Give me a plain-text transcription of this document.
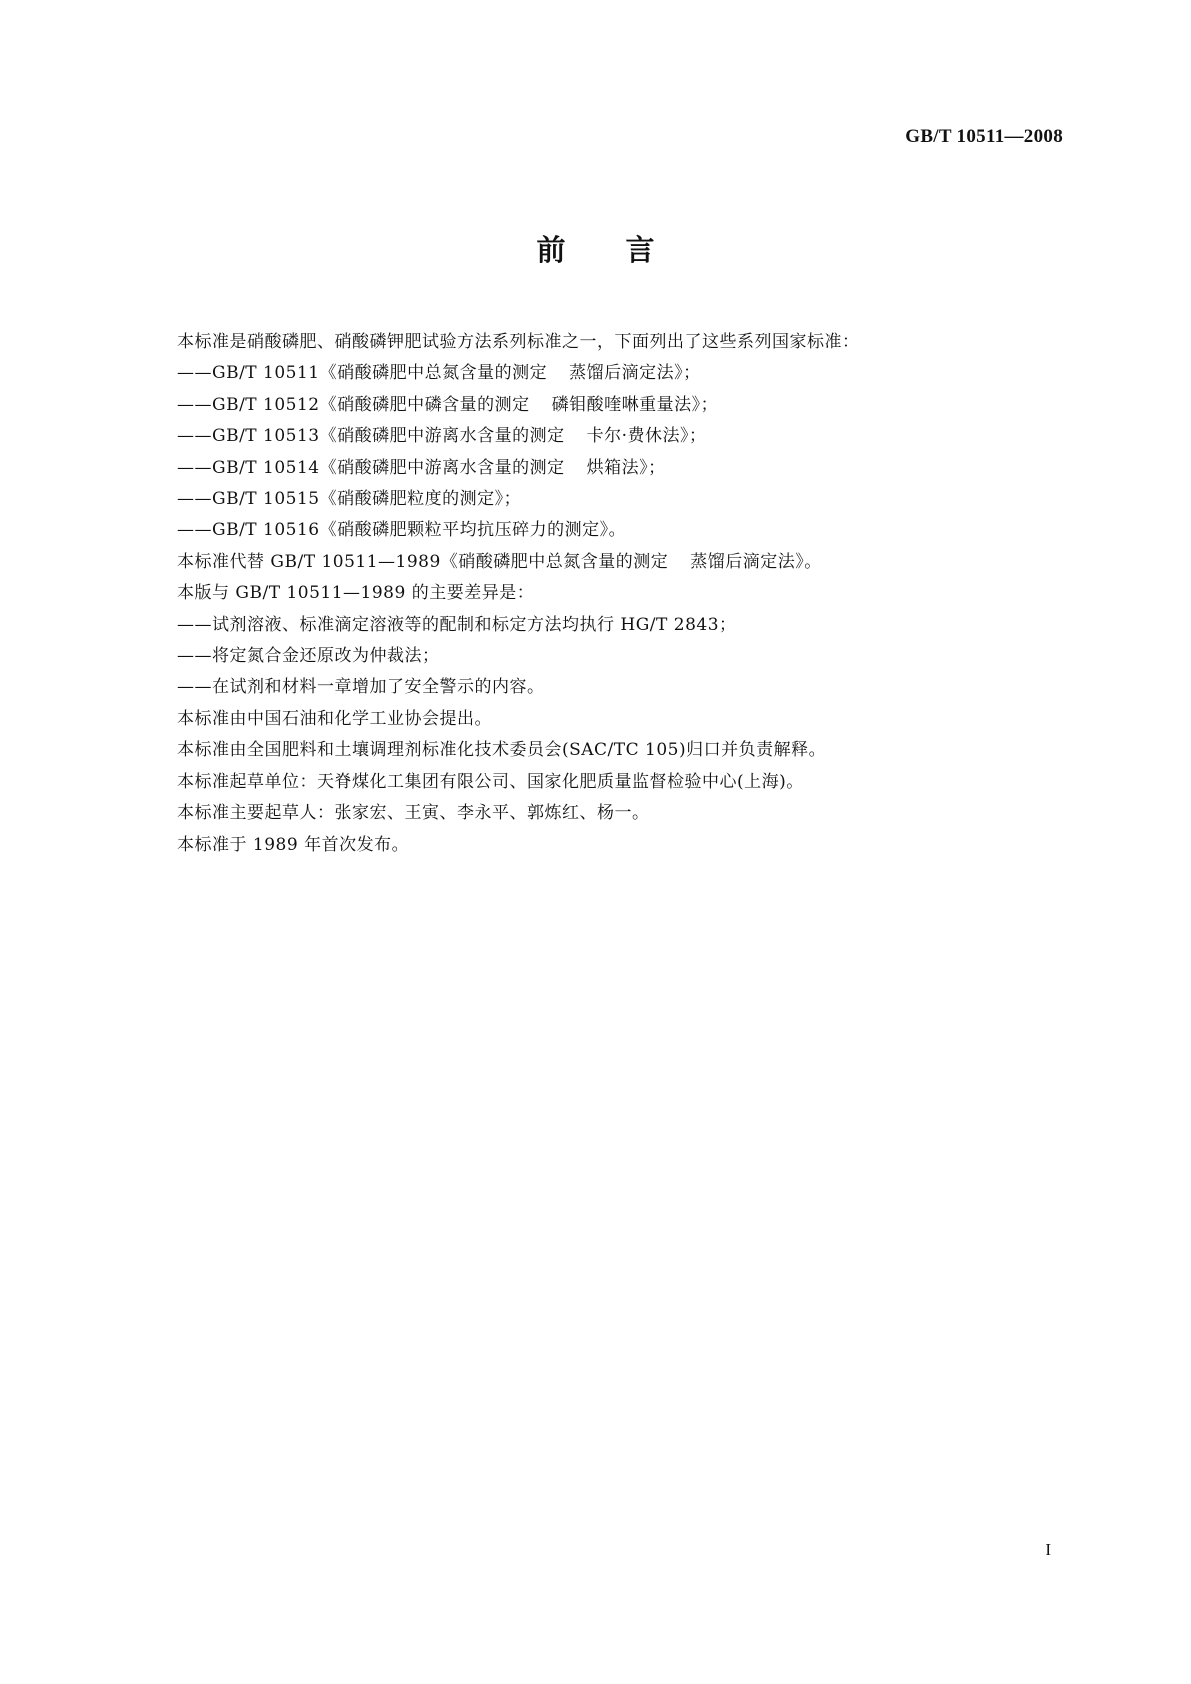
GB/T 10511—2008
前言
本标准是硝酸磷肥、硝酸磷钾肥试验方法系列标准之一，下面列出了这些系列国家标准：
——GB/T 10511《硝酸磷肥中总氮含量的测定 蒸馏后滴定法》；
——GB/T 10512《硝酸磷肥中磷含量的测定 磷钼酸喹啉重量法》；
——GB/T 10513《硝酸磷肥中游离水含量的测定 卡尔·费休法》；
——GB/T 10514《硝酸磷肥中游离水含量的测定 烘箱法》；
——GB/T 10515《硝酸磷肥粒度的测定》；
——GB/T 10516《硝酸磷肥颗粒平均抗压碎力的测定》。
本标准代替 GB/T 10511—1989《硝酸磷肥中总氮含量的测定 蒸馏后滴定法》。
本版与 GB/T 10511—1989 的主要差异是：
——试剂溶液、标准滴定溶液等的配制和标定方法均执行 HG/T 2843；
——将定氮合金还原改为仲裁法；
——在试剂和材料一章增加了安全警示的内容。
本标准由中国石油和化学工业协会提出。
本标准由全国肥料和土壤调理剂标准化技术委员会(SAC/TC 105)归口并负责解释。
本标准起草单位：天脊煤化工集团有限公司、国家化肥质量监督检验中心(上海)。
本标准主要起草人：张家宏、王寅、李永平、郭炼红、杨一。
本标准于 1989 年首次发布。
I
